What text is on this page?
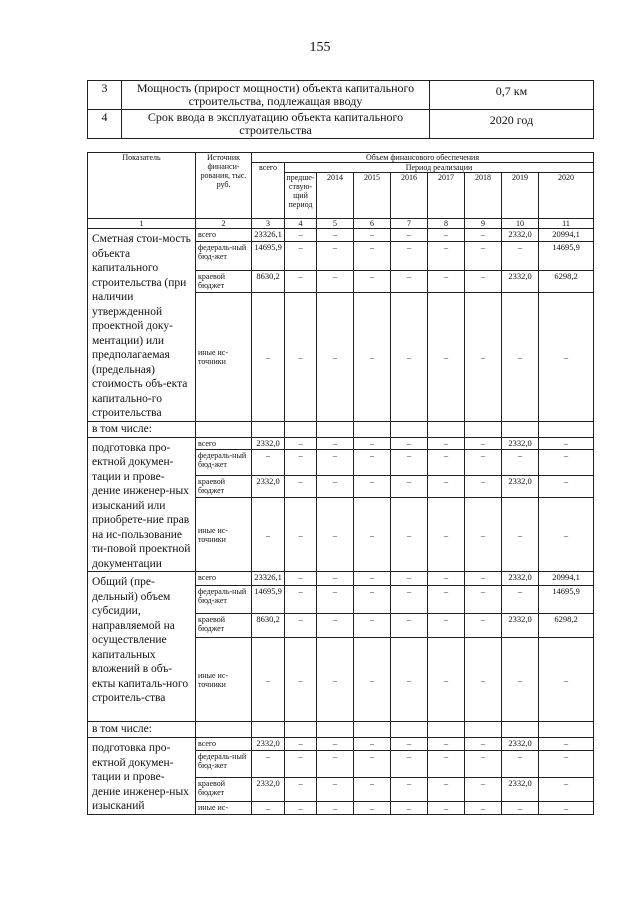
155
3	Мощность (прирост мощности) объекта капитального строительства, подлежащая вводу	0,7 км
4	Срок ввода в эксплуатацию объекта капитального строительства	2020 год
Показатель	Источник финанси-рования, тыс. руб.	Объем финансового обеспечения								
		всего	Период реализации							
			предше-ствую-щий период	2014	2015	2016	2017	2018	2019	2020
1	2	3	4	5	6	7	8	9	10	11
Сметная стои-мость объекта капитального строительства (при наличии утвержденной проектной доку-ментации) или предполагаемая (предельная) стоимость объ-екта капитально-го строительства	всего	23326,1	–	–	–	–	–	–	2332,0	20994,1
	федераль-ный бюд-жет	14695,9	–	–	–	–	–	–	–	14695,9
	краевой бюджет	8630,2	–	–	–	–	–	–	2332,0	6298,2
	иные ис-точники	–	–	–	–	–	–	–	–	–
в том числе:										
подготовка про-ектной докумен-тации и прове-дение инженер-ных изысканий или приобрете-ние прав на ис-пользование ти-повой проектной документации	всего	2332,0	–	–	–	–	–	–	2332,0	–
	федераль-ный бюд-жет	–	–	–	–	–	–	–	–	–
	краевой бюджет	2332,0	–	–	–	–	–	–	2332,0	–
	иные ис-точники	–	–	–	–	–	–	–	–	–
Общий (пре-дельный) объем субсидии, направляемой на осуществление капитальных вложений в объ-екты капиталь-ного строитель-ства	всего	23326,1	–	–	–	–	–	–	2332,0	20994,1
	федераль-ный бюд-жет	14695,9	–	–	–	–	–	–	–	14695,9
	краевой бюджет	8630,2	–	–	–	–	–	–	2332,0	6298,2
	иные ис-точники	–	–	–	–	–	–	–	–	–
в том числе:										
подготовка про-ектной докумен-тации и прове-дение инженер-ных изысканий	всего	2332,0	–	–	–	–	–	–	2332,0	–
	федераль-ный бюд-жет	–	–	–	–	–	–	–	–	–
	краевой бюджет	2332,0	–	–	–	–	–	–	2332,0	–
	иные ис-	–	–	–	–	–	–	–	–	–
